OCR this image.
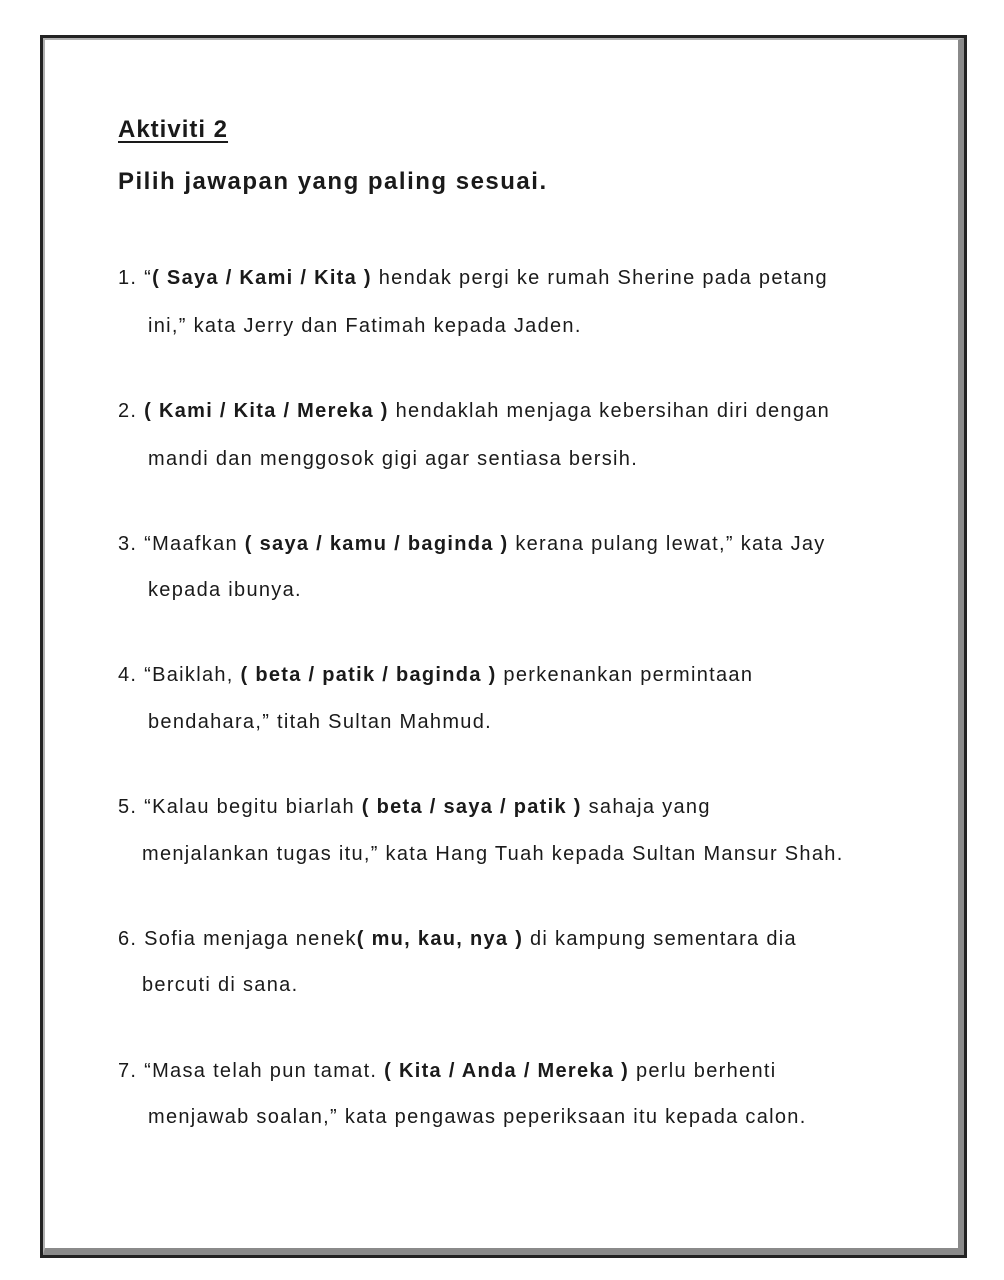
Aktiviti 2

Pilih jawapan yang paling sesuai.

1. “( Saya / Kami / Kita ) hendak pergi ke rumah Sherine pada petang

ini,” kata Jerry dan Fatimah kepada Jaden.

2. ( Kami / Kita / Mereka ) hendaklah menjaga kebersihan diri dengan

mandi dan menggosok gigi agar sentiasa bersih.

3. “Maafkan ( saya / kamu / baginda ) kerana pulang lewat,” kata Jay

kepada ibunya.

4. “Baiklah, ( beta / patik / baginda ) perkenankan permintaan

bendahara,” titah Sultan Mahmud.

5. “Kalau begitu biarlah ( beta / saya / patik ) sahaja yang

menjalankan tugas itu,” kata Hang Tuah kepada Sultan Mansur Shah.

6. Sofia menjaga nenek( mu, kau, nya ) di kampung sementara dia

bercuti di sana.

7. “Masa telah pun tamat. ( Kita / Anda / Mereka ) perlu berhenti

menjawab soalan,” kata pengawas peperiksaan itu kepada calon.
